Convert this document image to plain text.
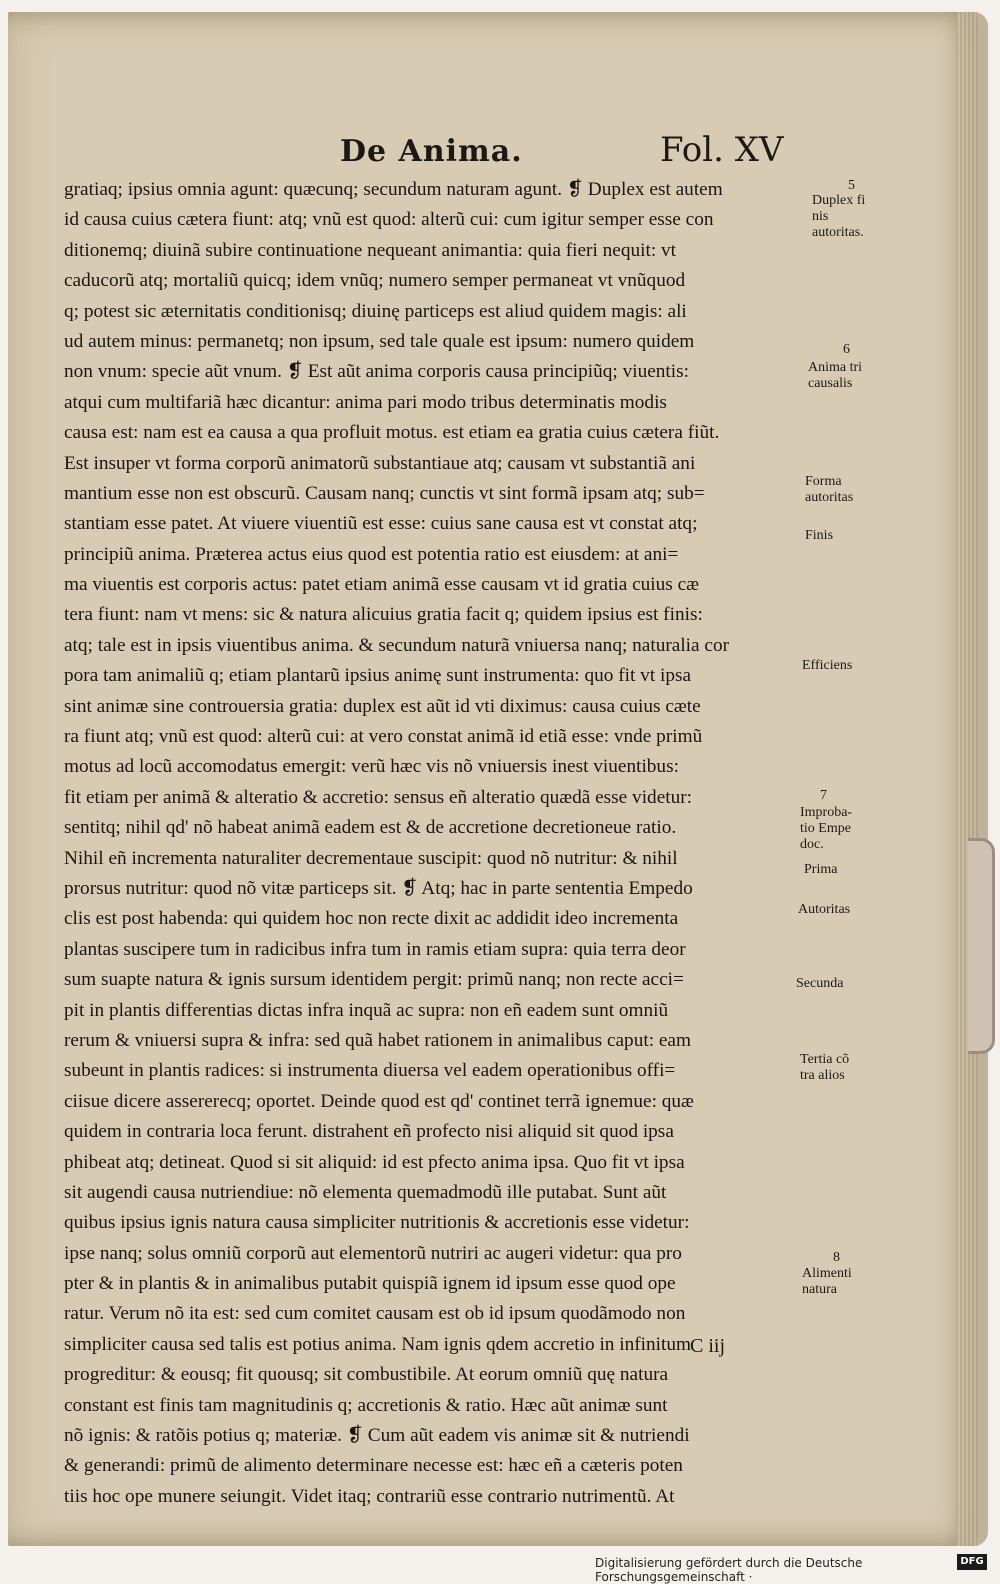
De Anima.	Fol. XV
gratiaq; ipsius omnia agunt: quæcunq; secundum naturam agunt. ❡ Duplex est autem
id causa cuius cætera fiunt: atq; vnũ est quod: alterũ cui: cum igitur semper esse con
ditionemq; diuinã subire continuatione nequeant animantia: quia fieri nequit: vt
caducorũ atq; mortaliũ quicq; idem vnũq; numero semper permaneat vt vnũquod
q; potest sic æternitatis conditionisq; diuinę particeps est aliud quidem magis: ali
ud autem minus: permanetq; non ipsum, sed tale quale est ipsum: numero quidem
non vnum: specie aũt vnum. ❡ Est aũt anima corporis causa principiũq; viuentis:
atqui cum multifariã hæc dicantur: anima pari modo tribus determinatis modis
causa est: nam est ea causa a qua profluit motus. est etiam ea gratia cuius cætera fiũt.
Est insuper vt forma corporũ animatorũ substantiaue atq; causam vt substantiã ani
mantium esse non est obscurũ. Causam nanq; cunctis vt sint formã ipsam atq; sub=
stantiam esse patet. At viuere viuentiũ est esse: cuius sane causa est vt constat atq;
principiũ anima. Præterea actus eius quod est potentia ratio est eiusdem: at ani=
ma viuentis est corporis actus: patet etiam animã esse causam vt id gratia cuius cæ
tera fiunt: nam vt mens: sic & natura alicuius gratia facit q; quidem ipsius est finis:
atq; tale est in ipsis viuentibus anima. & secundum naturã vniuersa nanq; naturalia cor
pora tam animaliũ q; etiam plantarũ ipsius animę sunt instrumenta: quo fit vt ipsa
sint animæ sine controuersia gratia: duplex est aũt id vti diximus: causa cuius cæte
ra fiunt atq; vnũ est quod: alterũ cui: at vero constat animã id etiã esse: vnde primũ
motus ad locũ accomodatus emergit: verũ hæc vis nõ vniuersis inest viuentibus:
fit etiam per animã & alteratio & accretio: sensus eñ alteratio quædã esse videtur:
sentitq; nihil qd' nõ habeat animã eadem est & de accretione decretioneue ratio.
Nihil eñ incrementa naturaliter decrementaue suscipit: quod nõ nutritur: & nihil
prorsus nutritur: quod nõ vitæ particeps sit. ❡ Atq; hac in parte sententia Empedo
clis est post habenda: qui quidem hoc non recte dixit ac addidit ideo incrementa
plantas suscipere tum in radicibus infra tum in ramis etiam supra: quia terra deor
sum suapte natura & ignis sursum identidem pergit: primũ nanq; non recte acci=
pit in plantis differentias dictas infra inquã ac supra: non eñ eadem sunt omniũ
rerum & vniuersi supra & infra: sed quã habet rationem in animalibus caput: eam
subeunt in plantis radices: si instrumenta diuersa vel eadem operationibus offi=
ciisue dicere assererecq; oportet. Deinde quod est qd' continet terrã ignemue: quæ
quidem in contraria loca ferunt. distrahent eñ profecto nisi aliquid sit quod ipsa
phibeat atq; detineat. Quod si sit aliquid: id est pfecto anima ipsa. Quo fit vt ipsa
sit augendi causa nutriendiue: nõ elementa quemadmodũ ille putabat. Sunt aũt
quibus ipsius ignis natura causa simpliciter nutritionis & accretionis esse videtur:
ipse nanq; solus omniũ corporũ aut elementorũ nutriri ac augeri videtur: qua pro
pter & in plantis & in animalibus putabit quispiã ignem id ipsum esse quod ope
ratur. Verum nõ ita est: sed cum comitet causam est ob id ipsum quodãmodo non
simpliciter causa sed talis est potius anima. Nam ignis qdem accretio in infinitum
progreditur: & eousq; fit quousq; sit combustibile. At eorum omniũ quę natura
constant est finis tam magnitudinis q; accretionis & ratio. Hæc aũt animæ sunt
nõ ignis: & ratõis potius q; materiæ. ❡ Cum aũt eadem vis animæ sit & nutriendi
& generandi: primũ de alimento determinare necesse est: hæc eñ a cæteris poten
tiis hoc ope munere seiungit. Videt itaq; contrariũ esse contrario nutrimentũ. At
5
Duplex fi
nis
autoritas.
6
Anima tri
causalis
Forma
autoritas
Finis
Efficiens
7
Improba-
tio Empe
doc.
Prima
Autoritas
Secunda
Tertia cõ
tra alios
8
Alimenti
natura
C iij
Digitalisierung gefördert durch die Deutsche Forschungsgemeinschaft ·
DFG
